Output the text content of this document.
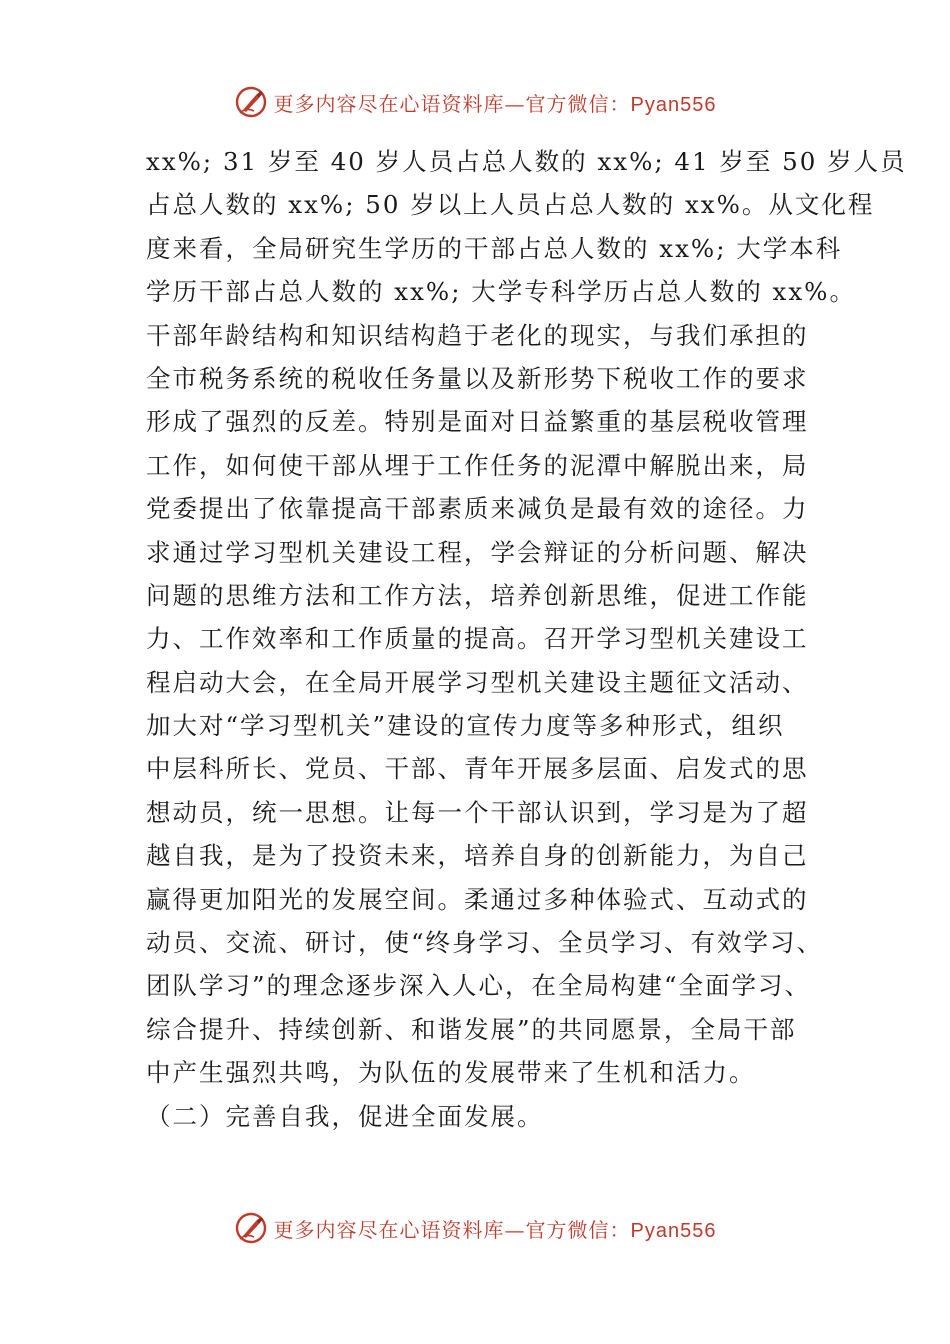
更多内容尽在心语资料库—官方微信：Pyan556
xx%; 31 岁至 40 岁人员占总人数的 xx%; 41 岁至 50 岁人员
占总人数的 xx%; 50 岁以上人员占总人数的 xx%。从文化程
度来看，全局研究生学历的干部占总人数的 xx%; 大学本科
学历干部占总人数的 xx%; 大学专科学历占总人数的 xx%。
干部年龄结构和知识结构趋于老化的现实，与我们承担的
全市税务系统的税收任务量以及新形势下税收工作的要求
形成了强烈的反差。特别是面对日益繁重的基层税收管理
工作，如何使干部从埋于工作任务的泥潭中解脱出来，局
党委提出了依靠提高干部素质来减负是最有效的途径。力
求通过学习型机关建设工程，学会辩证的分析问题、解决
问题的思维方法和工作方法，培养创新思维，促进工作能
力、工作效率和工作质量的提高。召开学习型机关建设工
程启动大会，在全局开展学习型机关建设主题征文活动、
加大对“学习型机关”建设的宣传力度等多种形式，组织
中层科所长、党员、干部、青年开展多层面、启发式的思
想动员，统一思想。让每一个干部认识到，学习是为了超
越自我，是为了投资未来，培养自身的创新能力，为自己
赢得更加阳光的发展空间。柔通过多种体验式、互动式的
动员、交流、研讨，使“终身学习、全员学习、有效学习、
团队学习”的理念逐步深入人心，在全局构建“全面学习、
综合提升、持续创新、和谐发展”的共同愿景，全局干部
中产生强烈共鸣，为队伍的发展带来了生机和活力。
（二）完善自我，促进全面发展。
更多内容尽在心语资料库—官方微信：Pyan556
